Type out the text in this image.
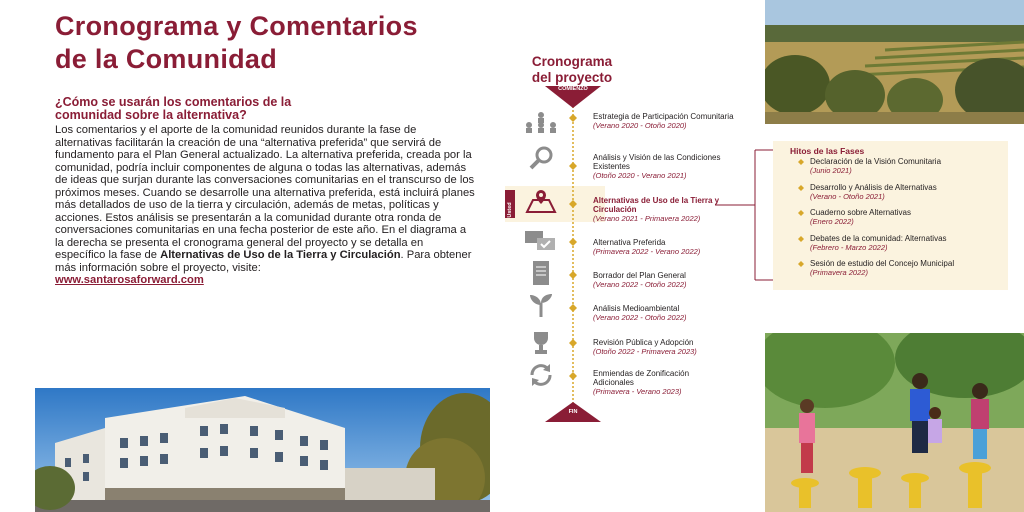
Cronograma y Comentarios
de la Comunidad
¿Cómo se usarán los comentarios de la
comunidad sobre la alternativa?
Los comentarios y el aporte de la comunidad reunidos durante la fase de alternativas facilitarán la creación de una “alternativa preferida” que servirá de fundamento para el Plan General actualizado. La alternativa preferida, creada por la comunidad, podría incluir componentes de alguna o todas las alternativas, además de ideas que surjan durante las conversaciones comunitarias en el transcurso de los próximos meses. Cuando se desarrolle una alternativa preferida, está incluirá planes más detallados de uso de la tierra y circulación, además de metas, políticas y acciones. Estos análisis se presentarán a la comunidad durante otra ronda de conversaciones comunitarias en una fecha posterior de este año. En el diagrama a la derecha se presenta el cronograma general del proyecto y se detalla en específico la fase de Alternativas de Uso de la Tierra y Circulación. Para obtener más información sobre el proyecto, visite:
www.santarosaforward.com
Cronograma
del proyecto
COMIENZO
FIN
Usted
Estrategia de Participación Comunitaria
(Verano 2020 - Otoño 2020)
Análisis y Visión de las Condiciones Existentes
(Otoño 2020 - Verano 2021)
Alternativas de Uso de la Tierra y Circulación
(Verano 2021 - Primavera 2022)
Alternativa Preferida
(Primavera 2022 - Verano 2022)
Borrador del Plan General
(Verano 2022 - Otoño 2022)
Análisis Medioambiental
(Verano 2022 - Otoño 2022)
Revisión Pública y Adopción
(Otoño 2022 - Primavera 2023)
Enmiendas de Zonificación Adicionales
(Primavera - Verano 2023)
Hitos de las Fases
Declaración de la Visión Comunitaria
(Junio 2021)
Desarrollo y Análisis de Alternativas
(Verano - Otoño 2021)
Cuaderno sobre Alternativas
(Enero 2022)
Debates de la comunidad: Alternativas
(Febrero - Marzo 2022)
Sesión de estudio del Concejo Municipal
(Primavera 2022)
